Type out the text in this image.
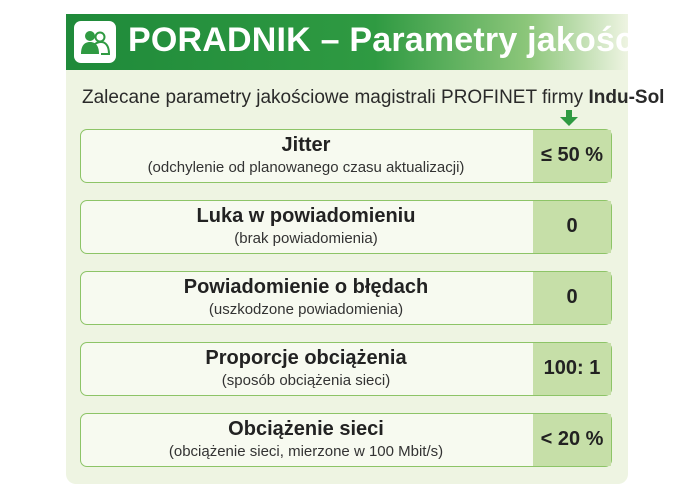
PORADNIK – Parametry jakości
Zalecane parametry jakościowe magistrali PROFINET firmy Indu-Sol
Jitter
(odchylenie od planowanego czasu aktualizacji)
≤ 50 %
Luka w powiadomieniu
(brak powiadomienia)
0
Powiadomienie o błędach
(uszkodzone powiadomienia)
0
Proporcje obciążenia
(sposób obciążenia sieci)
100: 1
Obciążenie sieci
(obciążenie sieci, mierzone w 100 Mbit/s)
< 20 %
